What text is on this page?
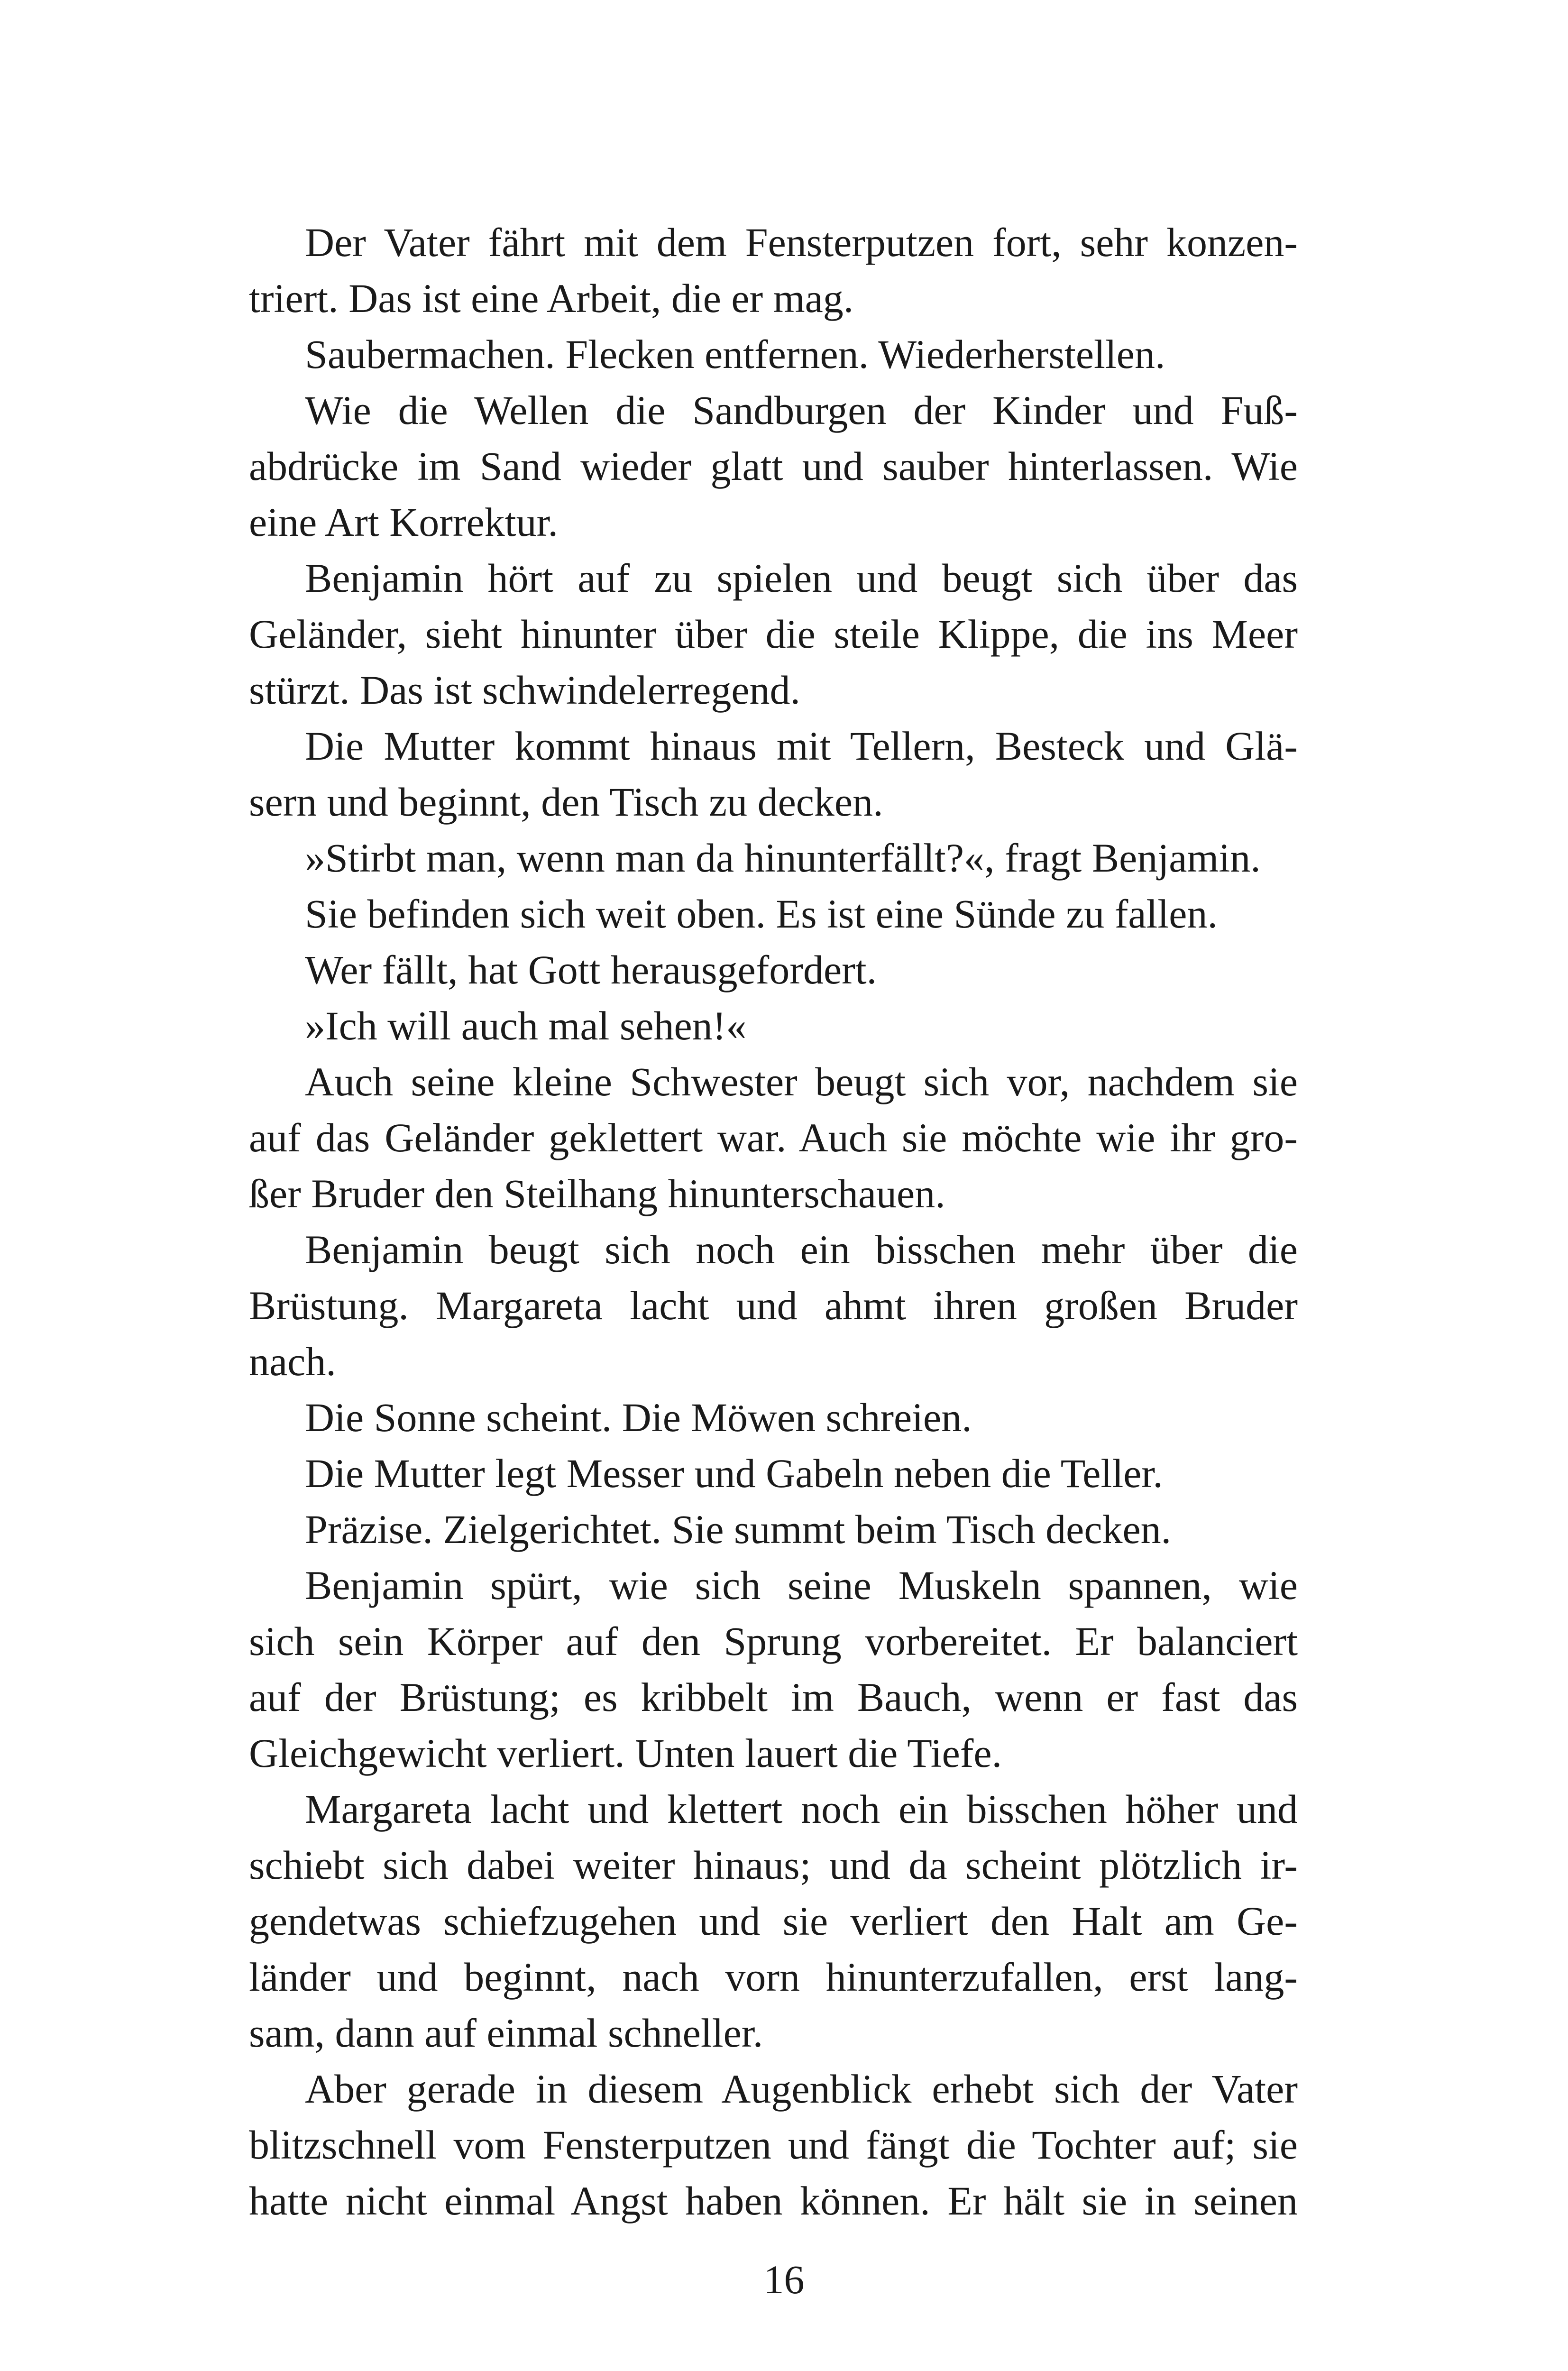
Der Vater fährt mit dem Fensterputzen fort, sehr konzen-
triert. Das ist eine Arbeit, die er mag.
Saubermachen. Flecken entfernen. Wiederherstellen.
Wie die Wellen die Sandburgen der Kinder und Fuß-
abdrücke im Sand wieder glatt und sauber hinterlassen. Wie
eine Art Korrektur.
Benjamin hört auf zu spielen und beugt sich über das
Geländer, sieht hinunter über die steile Klippe, die ins Meer
stürzt. Das ist schwindelerregend.
Die Mutter kommt hinaus mit Tellern, Besteck und Glä-
sern und beginnt, den Tisch zu decken.
»Stirbt man, wenn man da hinunterfällt?«, fragt Benjamin.
Sie befinden sich weit oben. Es ist eine Sünde zu fallen.
Wer fällt, hat Gott herausgefordert.
»Ich will auch mal sehen!«
Auch seine kleine Schwester beugt sich vor, nachdem sie
auf das Geländer geklettert war. Auch sie möchte wie ihr gro-
ßer Bruder den Steilhang hinunterschauen.
Benjamin beugt sich noch ein bisschen mehr über die
Brüstung. Margareta lacht und ahmt ihren großen Bruder
nach.
Die Sonne scheint. Die Möwen schreien.
Die Mutter legt Messer und Gabeln neben die Teller.
Präzise. Zielgerichtet. Sie summt beim Tisch decken.
Benjamin spürt, wie sich seine Muskeln spannen, wie
sich sein Körper auf den Sprung vorbereitet. Er balanciert
auf der Brüstung; es kribbelt im Bauch, wenn er fast das
Gleichgewicht verliert. Unten lauert die Tiefe.
Margareta lacht und klettert noch ein bisschen höher und
schiebt sich dabei weiter hinaus; und da scheint plötzlich ir-
gendetwas schiefzugehen und sie verliert den Halt am Ge-
länder und beginnt, nach vorn hinunterzufallen, erst lang-
sam, dann auf einmal schneller.
Aber gerade in diesem Augenblick erhebt sich der Vater
blitzschnell vom Fensterputzen und fängt die Tochter auf; sie
hatte nicht einmal Angst haben können. Er hält sie in seinen
16
